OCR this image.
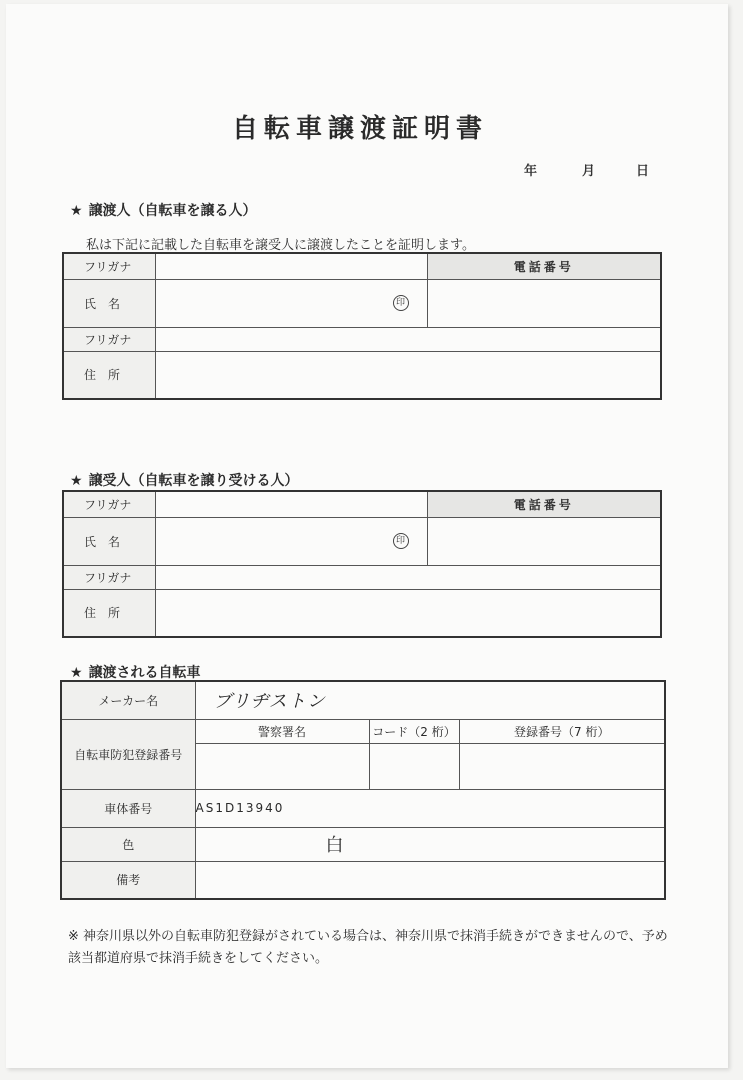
自転車譲渡証明書
年	月	日
★ 譲渡人（自転車を譲る人）
私は下記に記載した自転車を譲受人に譲渡したことを証明します。
フリガナ		電話番号
氏　名	印	

フリガナ		
住　所		
★ 譲受人（自転車を譲り受ける人）
フリガナ		電話番号
氏　名	印	

フリガナ		
住　所		
★ 譲渡される自転車
メーカー名	ブリヂストン		
自転車防犯登録番号	警察署名	コード（2 桁）	登録番号（7 桁）

車体番号	AS1D13940		
色	白		
備考			
※ 神奈川県以外の自転車防犯登録がされている場合は、神奈川県で抹消手続きができませんので、予め該当都道府県で抹消手続きをしてください。
